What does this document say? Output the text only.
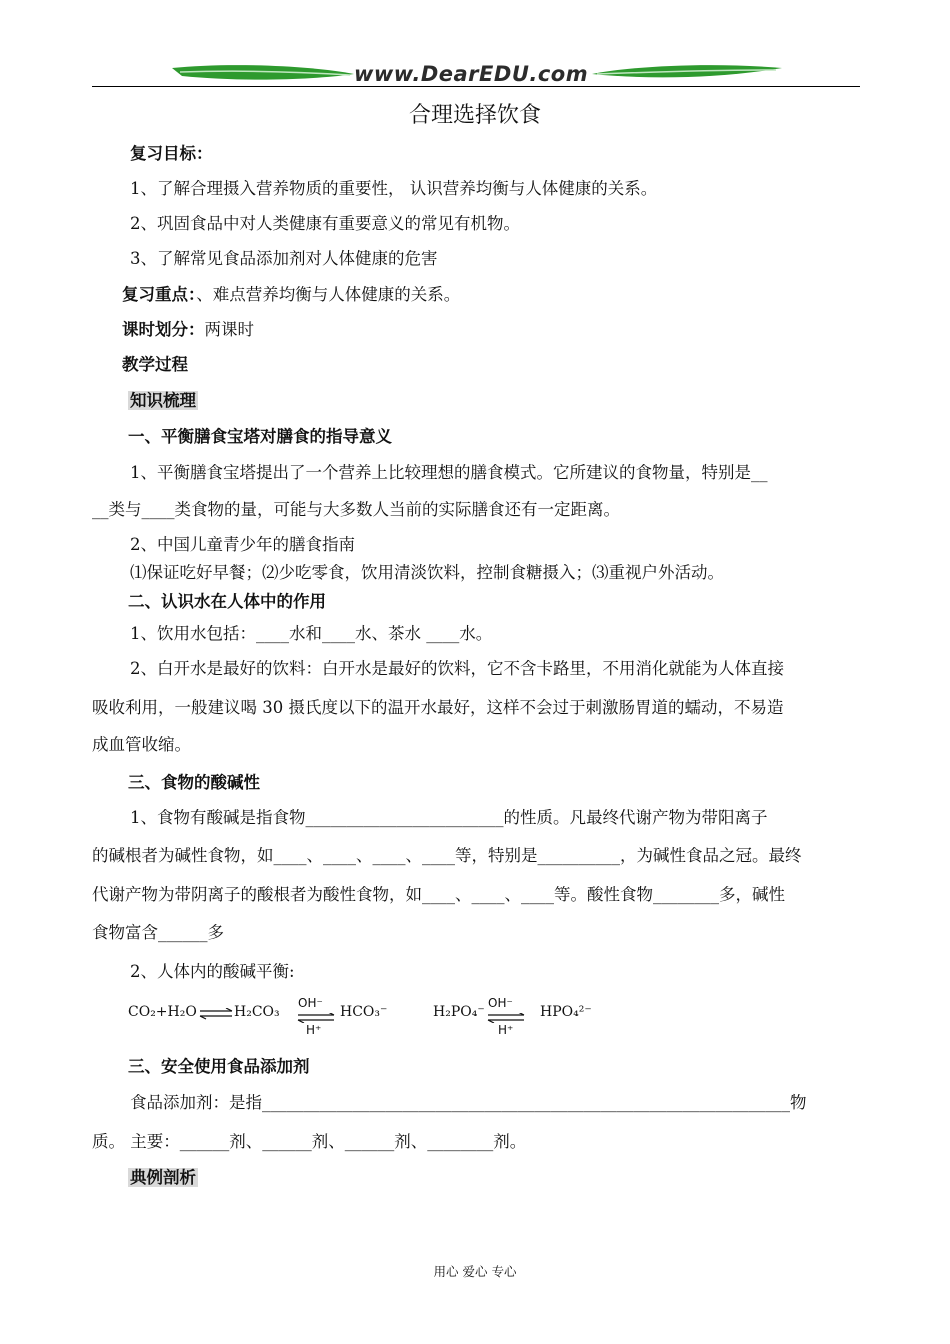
www.DearEDU.com
合理选择饮食
复习目标：
1、了解合理摄入营养物质的重要性， 认识营养均衡与人体健康的关系。
2、巩固食品中对人类健康有重要意义的常见有机物。
3、了解常见食品添加剂对人体健康的危害
复习重点：、难点营养均衡与人体健康的关系。
课时划分：两课时
教学过程
知识梳理
一、平衡膳食宝塔对膳食的指导意义
1、平衡膳食宝塔提出了一个营养上比较理想的膳食模式。它所建议的食物量，特别是__
__类与____类食物的量，可能与大多数人当前的实际膳食还有一定距离。
2、中国儿童青少年的膳食指南
⑴保证吃好早餐；⑵少吃零食，饮用清淡饮料，控制食糖摄入；⑶重视户外活动。
二、认识水在人体中的作用
1、饮用水包括：____水和____水、茶水 ____水。
2、白开水是最好的饮料：白开水是最好的饮料，它不含卡路里，不用消化就能为人体直接
吸收利用，一般建议喝 30 摄氏度以下的温开水最好，这样不会过于刺激肠胃道的蠕动，不易造
成血管收缩。
三、食物的酸碱性
1、食物有酸碱是指食物________________________的性质。凡最终代谢产物为带阳离子
的碱根者为碱性食物，如____、____、____、____等，特别是__________，为碱性食品之冠。最终
代谢产物为带阴离子的酸根者为酸性食物，如____、____、____等。酸性食物________多，碱性
食物富含______多
2、人体内的酸碱平衡:
CO₂+H₂O ⇌ H₂CO₃
OH⁻
H⁺
HCO₃⁻	H₂PO₄⁻
OH⁻
H⁺
HPO₄²⁻
三、安全使用食品添加剂
食品添加剂：是指________________________________________________________________物
质。 主要：______剂、______剂、______剂、________剂。
典例剖析
用心 爱心 专心
